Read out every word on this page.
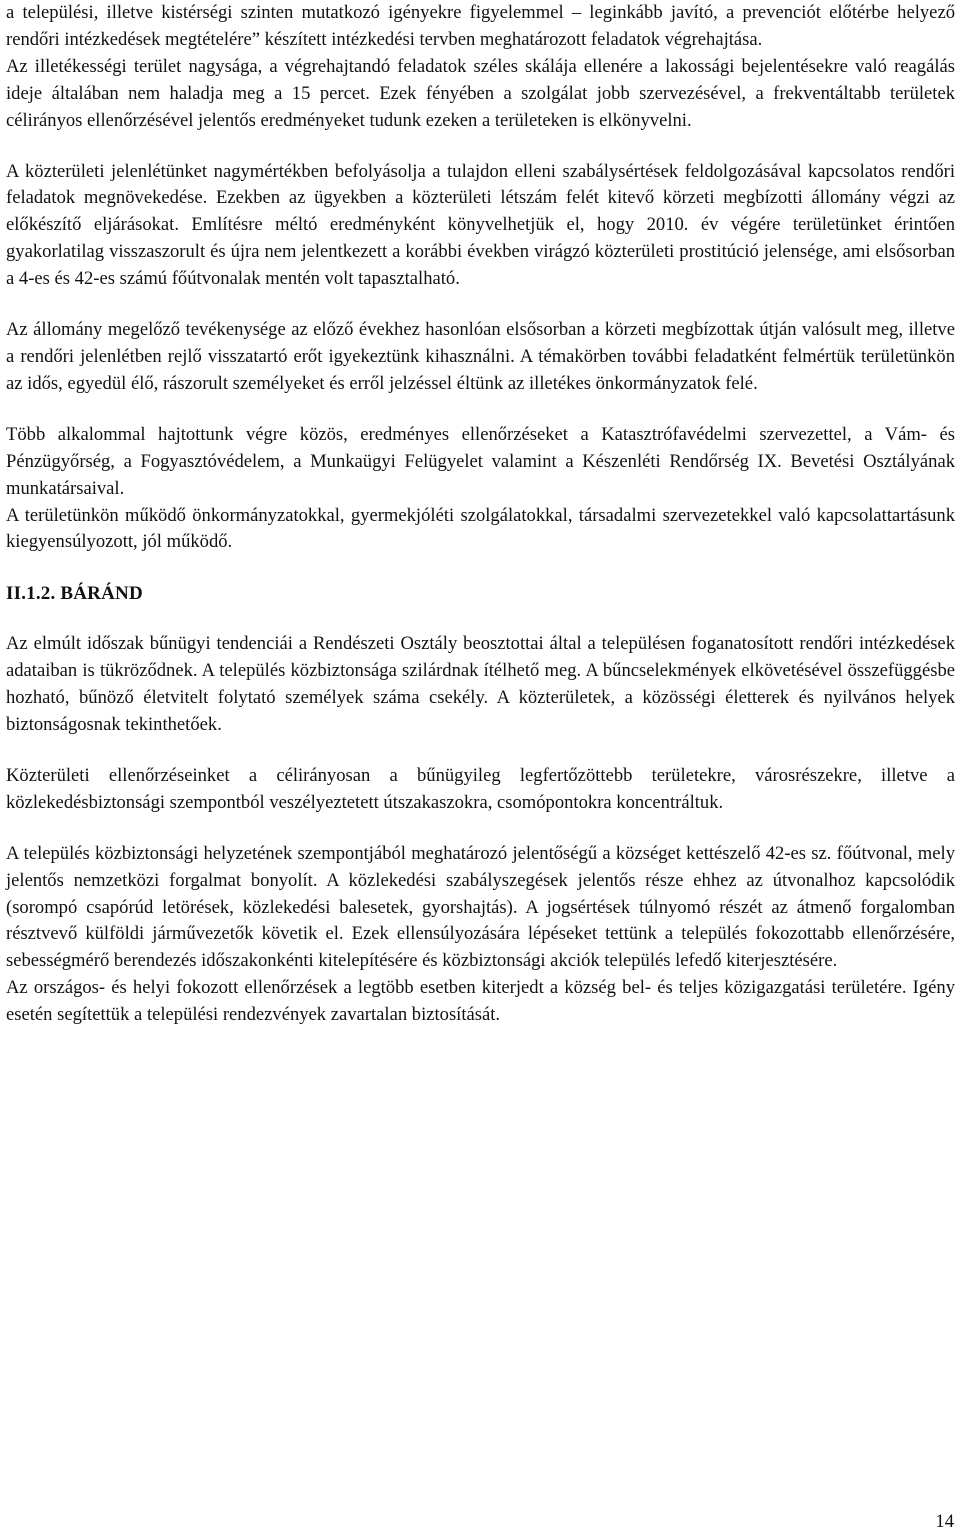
a települési, illetve kistérségi szinten mutatkozó igényekre figyelemmel – leginkább javító, a prevenciót előtérbe helyező rendőri intézkedések megtételére” készített intézkedési tervben meghatározott feladatok végrehajtása.

Az illetékességi terület nagysága, a végrehajtandó feladatok széles skálája ellenére a lakossági bejelentésekre való reagálás ideje általában nem haladja meg a 15 percet. Ezek fényében a szolgálat jobb szervezésével, a frekventáltabb területek célirányos ellenőrzésével jelentős eredményeket tudunk ezeken a területeken is elkönyvelni.

A közterületi jelenlétünket nagymértékben befolyásolja a tulajdon elleni szabálysértések feldolgozásával kapcsolatos rendőri feladatok megnövekedése. Ezekben az ügyekben a közterületi létszám felét kitevő körzeti megbízotti állomány végzi az előkészítő eljárásokat. Említésre méltó eredményként könyvelhetjük el, hogy 2010. év végére területünket érintően gyakorlatilag visszaszorult és újra nem jelentkezett a korábbi években virágzó közterületi prostitúció jelensége, ami elsősorban a 4-es és 42-es számú főútvonalak mentén volt tapasztalható.

Az állomány megelőző tevékenysége az előző évekhez hasonlóan elsősorban a körzeti megbízottak útján valósult meg, illetve a rendőri jelenlétben rejlő visszatartó erőt igyekeztünk kihasználni. A témakörben további feladatként felmértük területünkön az idős, egyedül élő, rászorult személyeket és erről jelzéssel éltünk az illetékes önkormányzatok felé.

Több alkalommal hajtottunk végre közös, eredményes ellenőrzéseket a Katasztrófavédelmi szervezettel, a Vám- és Pénzügyőrség, a Fogyasztóvédelem, a Munkaügyi Felügyelet valamint a Készenléti Rendőrség IX. Bevetési Osztályának munkatársaival.

A területünkön működő önkormányzatokkal, gyermekjóléti szolgálatokkal, társadalmi szervezetekkel való kapcsolattartásunk kiegyensúlyozott, jól működő.

II.1.2. BÁRÁND

Az elmúlt időszak bűnügyi tendenciái a Rendészeti Osztály beosztottai által a településen foganatosított rendőri intézkedések adataiban is tükröződnek. A település közbiztonsága szilárdnak ítélhető meg. A bűncselekmények elkövetésével összefüggésbe hozható, bűnöző életvitelt folytató személyek száma csekély. A közterületek, a közösségi életterek és nyilvános helyek biztonságosnak tekinthetőek.

Közterületi ellenőrzéseinket a célirányosan a bűnügyileg legfertőzöttebb területekre, városrészekre, illetve a közlekedésbiztonsági szempontból veszélyeztetett útszakaszokra, csomópontokra koncentráltuk.

A település közbiztonsági helyzetének szempontjából meghatározó jelentőségű a községet kettészelő 42-es sz. főútvonal, mely jelentős nemzetközi forgalmat bonyolít. A közlekedési szabályszegések jelentős része ehhez az útvonalhoz kapcsolódik (sorompó csapórúd letörések, közlekedési balesetek, gyorshajtás). A jogsértések túlnyomó részét az átmenő forgalomban résztvevő külföldi járművezetők követik el. Ezek ellensúlyozására lépéseket tettünk a település fokozottabb ellenőrzésére, sebességmérő berendezés időszakonkénti kitelepítésére és közbiztonsági akciók település lefedő kiterjesztésére.

Az országos- és helyi fokozott ellenőrzések a legtöbb esetben kiterjedt a község bel- és teljes közigazgatási területére. Igény esetén segítettük a települési rendezvények zavartalan biztosítását.

14
